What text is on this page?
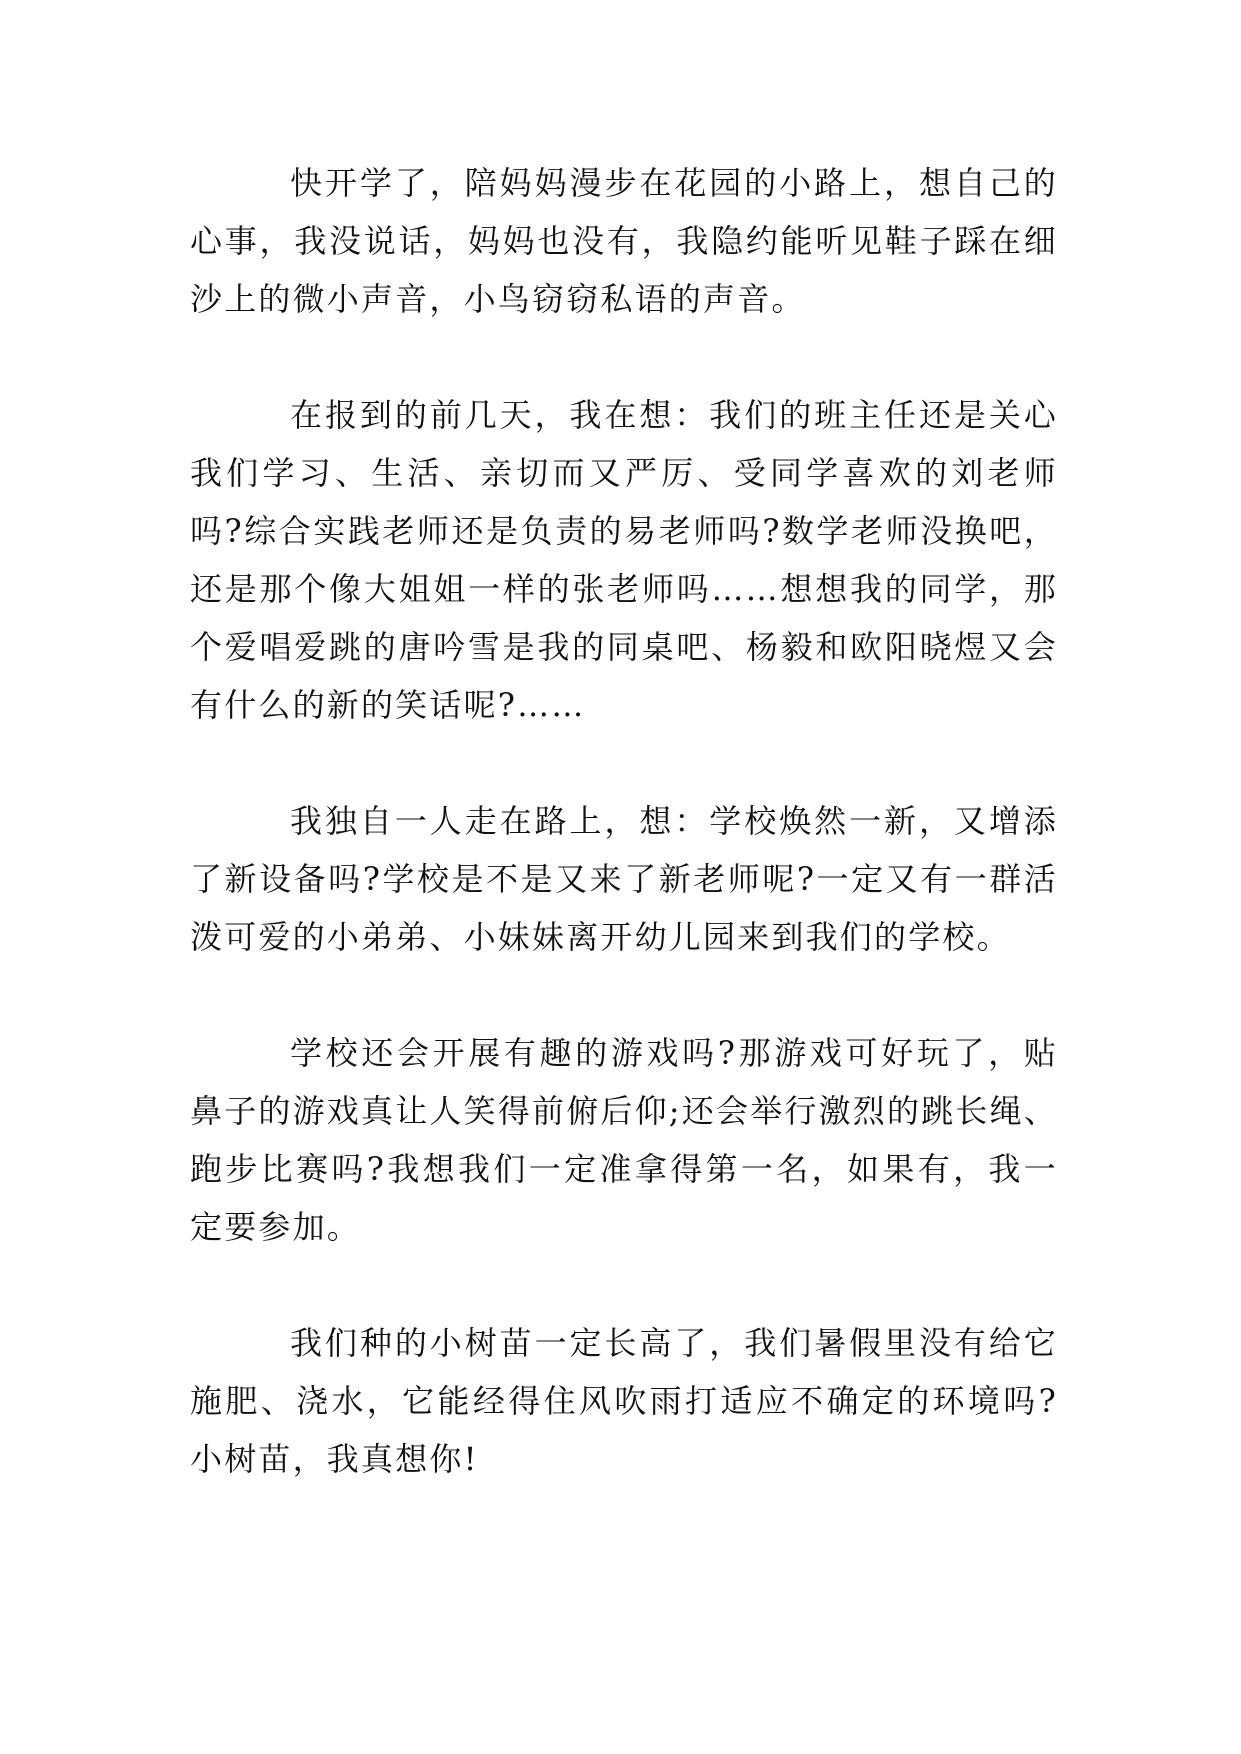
快开学了，陪妈妈漫步在花园的小路上，想自己的心事，我没说话，妈妈也没有，我隐约能听见鞋子踩在细沙上的微小声音，小鸟窃窃私语的声音。

在报到的前几天，我在想：我们的班主任还是关心我们学习、生活、亲切而又严厉、受同学喜欢的刘老师吗?综合实践老师还是负责的易老师吗?数学老师没换吧，还是那个像大姐姐一样的张老师吗……想想我的同学，那个爱唱爱跳的唐吟雪是我的同桌吧、杨毅和欧阳晓煜又会有什么的新的笑话呢?……

我独自一人走在路上，想：学校焕然一新，又增添了新设备吗?学校是不是又来了新老师呢?一定又有一群活泼可爱的小弟弟、小妹妹离开幼儿园来到我们的学校。

学校还会开展有趣的游戏吗?那游戏可好玩了，贴鼻子的游戏真让人笑得前俯后仰;还会举行激烈的跳长绳、跑步比赛吗?我想我们一定准拿得第一名，如果有，我一定要参加。

我们种的小树苗一定长高了，我们暑假里没有给它施肥、浇水，它能经得住风吹雨打适应不确定的环境吗?小树苗，我真想你!
